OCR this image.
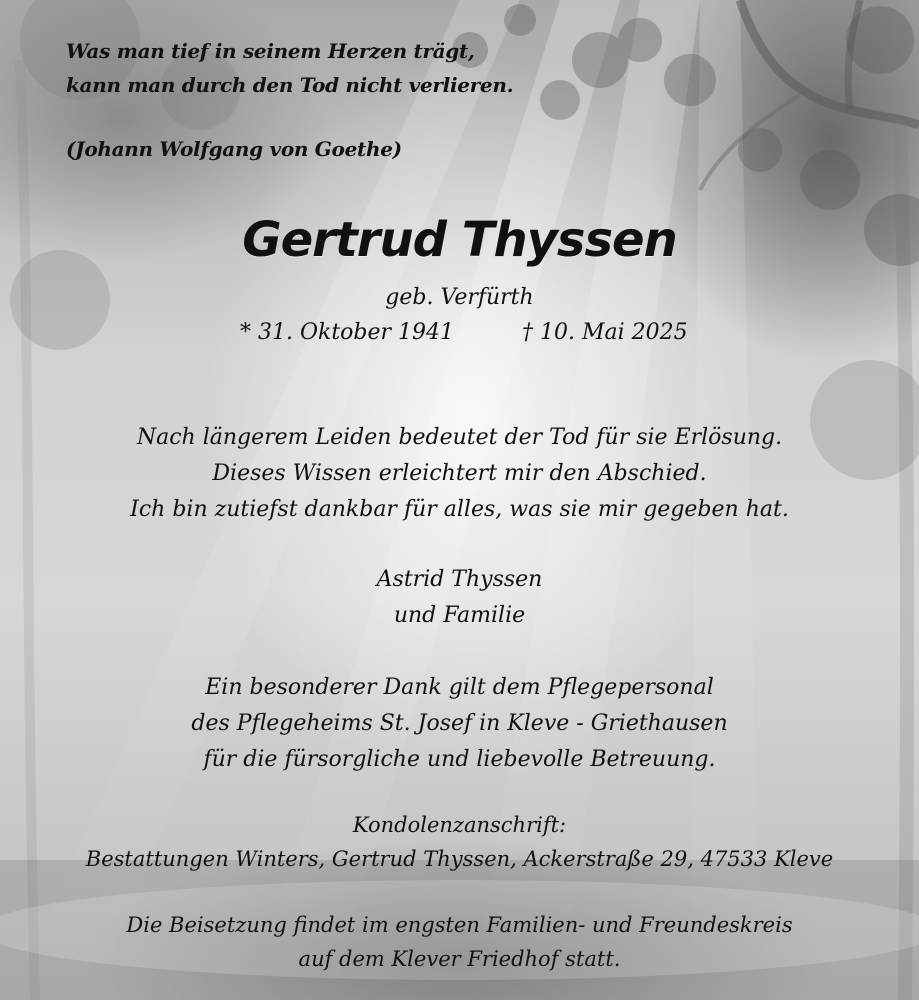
Was man tief in seinem Herzen trägt,
kann man durch den Tod nicht verlieren.
(Johann Wolfgang von Goethe)
Gertrud Thyssen
geb. Verfürth
* 31. Oktober 1941	† 10. Mai 2025
Nach längerem Leiden bedeutet der Tod für sie Erlösung.
Dieses Wissen erleichtert mir den Abschied.
Ich bin zutiefst dankbar für alles, was sie mir gegeben hat.
Astrid Thyssen
und Familie
Ein besonderer Dank gilt dem Pflegepersonal
des Pflegeheims St. Josef in Kleve - Griethausen
für die fürsorgliche und liebevolle Betreuung.
Kondolenzanschrift:
Bestattungen Winters, Gertrud Thyssen, Ackerstraße 29, 47533 Kleve
Die Beisetzung findet im engsten Familien- und Freundeskreis
auf dem Klever Friedhof statt.
